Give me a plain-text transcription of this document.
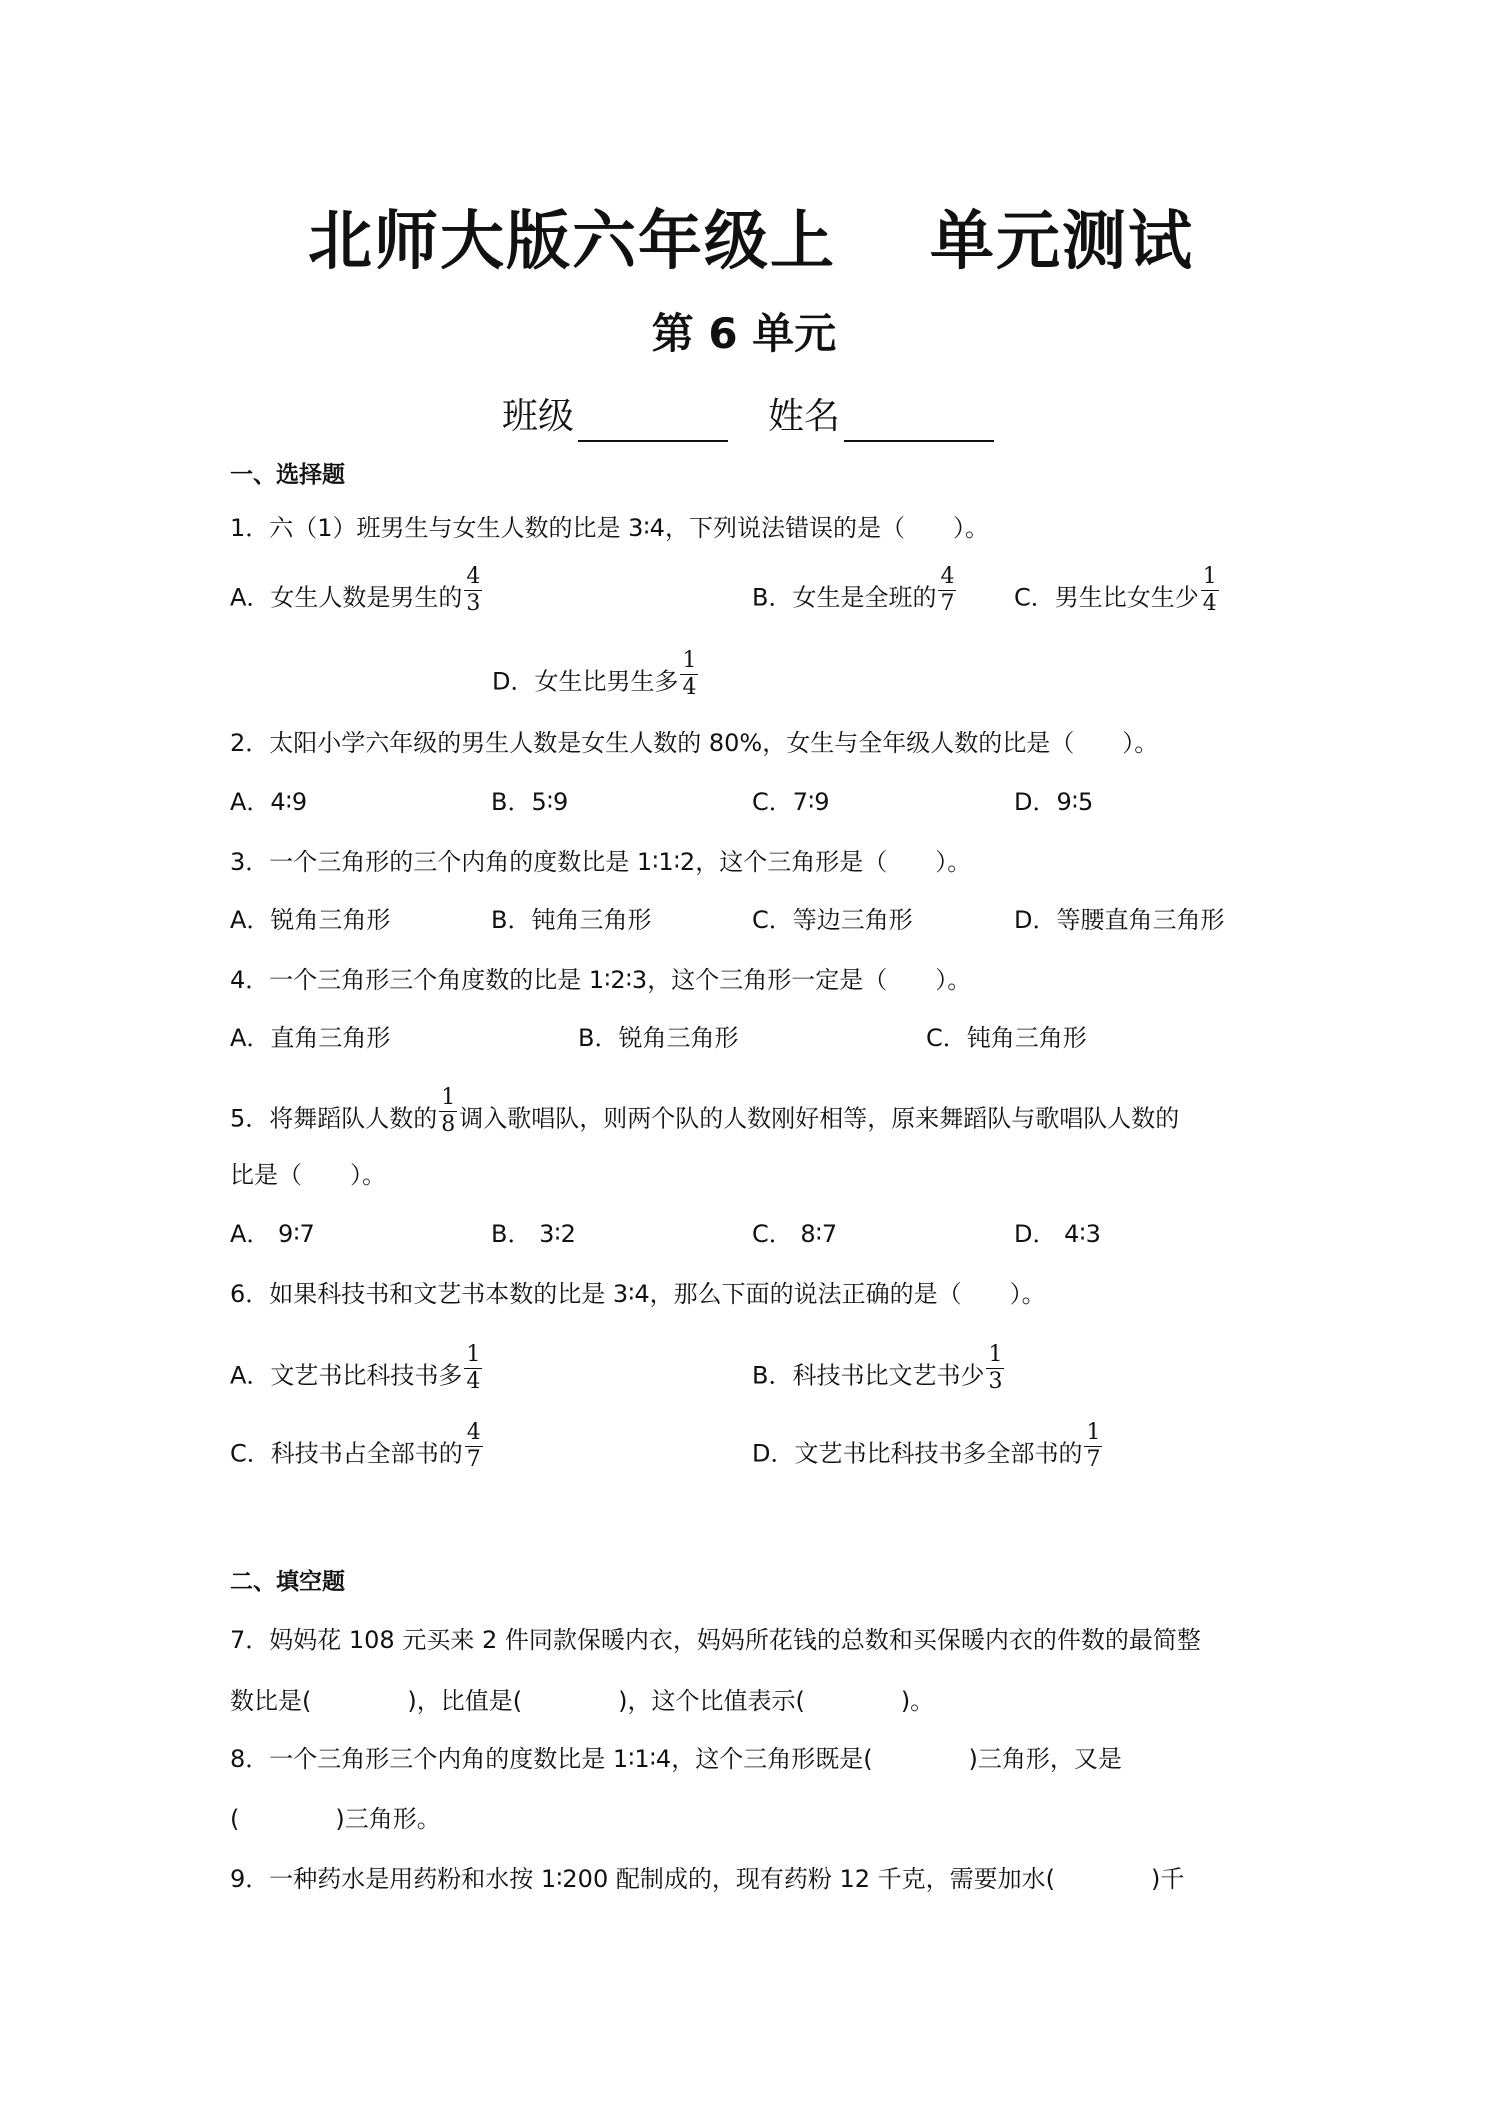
北师大版六年级上 单元测试
第 6 单元
班级	姓名
一、选择题
1．六（1）班男生与女生人数的比是 3∶4，下列说法错误的是（　　）。
A．女生人数是男生的 $\frac{4}{3}$	B．女生是全班的 $\frac{4}{7}$ C．男生比女生少 $\frac{1}{4}$
D．女生比男生多 $\frac{1}{4}$
2．太阳小学六年级的男生人数是女生人数的 80%，女生与全年级人数的比是（　　）。
A．4∶9	B．5∶9	C．7∶9	D．9∶5
3．一个三角形的三个内角的度数比是 1∶1∶2，这个三角形是（　　）。
A．锐角三角形	B．钝角三角形	C．等边三角形	D．等腰直角三角形
4．一个三角形三个角度数的比是 1∶2∶3，这个三角形一定是（　　）。
A．直角三角形	B．锐角三角形	C．钝角三角形
5．将舞蹈队人数的 $\frac{1}{8}$ 调入歌唱队，则两个队的人数刚好相等，原来舞蹈队与歌唱队人数的
比是（　　）。
A． 9∶7	B． 3∶2	C． 8∶7	D． 4∶3
6．如果科技书和文艺书本数的比是 3∶4，那么下面的说法正确的是（　　）。
A．文艺书比科技书多 $\frac{1}{4}$	B．科技书比文艺书少 $\frac{1}{3}$
C．科技书占全部书的 $\frac{4}{7}$	D．文艺书比科技书多全部书的 $\frac{1}{7}$
二、填空题
7．妈妈花 108 元买来 2 件同款保暖内衣，妈妈所花钱的总数和买保暖内衣的件数的最简整
数比是(　　　　)，比值是(　　　　)，这个比值表示(　　　　)。
8．一个三角形三个内角的度数比是 1∶1∶4，这个三角形既是(　　　　)三角形，又是
(　　　　)三角形。
9．一种药水是用药粉和水按 1∶200 配制成的，现有药粉 12 千克，需要加水(　　　　)千
